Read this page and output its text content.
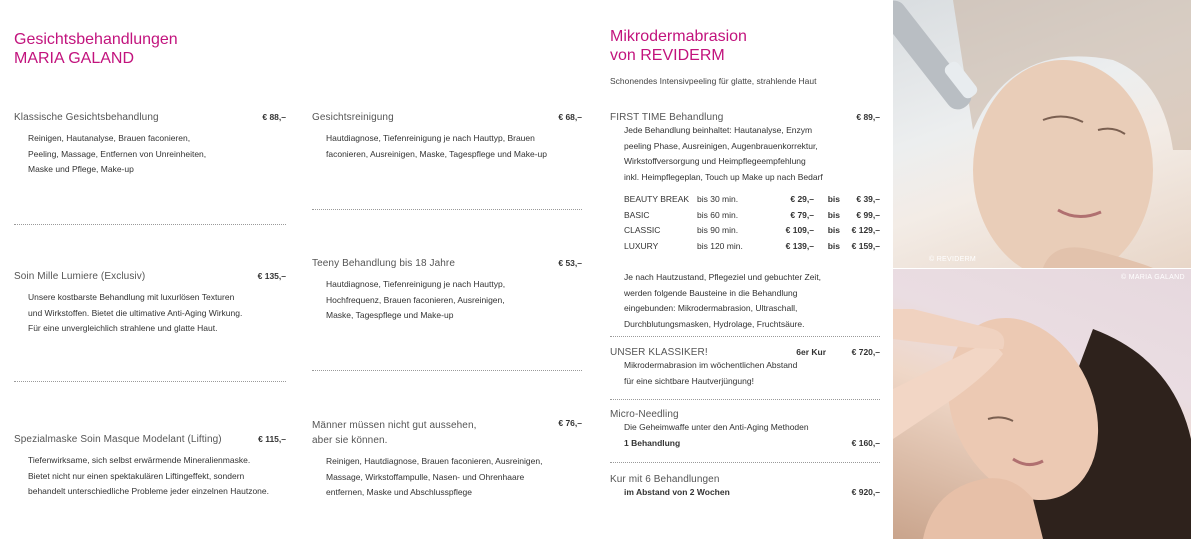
Gesichtsbehandlungen
MARIA GALAND
Klassische Gesichtsbehandlung	€ 88,–
Reinigen, Hautanalyse, Brauen faconieren,
Peeling, Massage, Entfernen von Unreinheiten,
Maske und Pflege, Make-up
Soin Mille Lumiere (Exclusiv)	€ 135,–
Unsere kostbarste Behandlung mit luxurlösen Texturen
und Wirkstoffen. Bietet die ultimative Anti-Aging Wirkung.
Für eine unvergleichlich strahlene und glatte Haut.
Spezialmaske Soin Masque Modelant (Lifting)	€ 115,–
Tiefenwirksame, sich selbst erwärmende Mineralienmaske.
Bietet nicht nur einen spektakulären Liftingeffekt, sondern
behandelt unterschiedliche Probleme jeder einzelnen Hautzone.
Gesichtsreinigung	€ 68,–
Hautdiagnose, Tiefenreinigung je nach Hauttyp, Brauen
faconieren, Ausreinigen, Maske, Tagespflege und Make-up
Teeny Behandlung bis 18 Jahre	€ 53,–
Hautdiagnose, Tiefenreinigung je nach Hauttyp,
Hochfrequenz, Brauen faconieren, Ausreinigen,
Maske, Tagespflege und Make-up
Männer müssen nicht gut aussehen,
aber sie können.
€ 76,–
Reinigen, Hautdiagnose, Brauen faconieren, Ausreinigen,
Massage, Wirkstoffampulle, Nasen- und Ohrenhaare
entfernen, Maske und Abschlusspflege
Mikrodermabrasion
von REVIDERM
Schonendes Intensivpeeling für glatte, strahlende Haut
FIRST TIME Behandlung	€ 89,–
Jede Behandlung beinhaltet: Hautanalyse, Enzym
peeling Phase, Ausreinigen, Augenbrauenkorrektur,
Wirkstoffversorgung und Heimpflegeempfehlung
inkl. Heimpflegeplan, Touch up Make up nach Bedarf
BEAUTY BREAK bis 30 min.	€ 29,– bis € 39,–
BASIC	bis 60 min.	€ 79,– bis € 99,–
CLASSIC	bis 90 min.	€ 109,– bis € 129,–
LUXURY	bis 120 min.	€ 139,– bis € 159,–
Je nach Hautzustand, Pflegeziel und gebuchter Zeit,
werden folgende Bausteine in die Behandlung
eingebunden: Mikrodermabrasion, Ultraschall,
Durchblutungsmasken, Hydrolage, Fruchtsäure.
UNSER KLASSIKER!	6er Kur	€ 720,–
Mikrodermabrasion im wöchentlichen Abstand
für eine sichtbare Hautverjüngung!
Micro-Needling
Die Geheimwaffe unter den Anti-Aging Methoden
1 Behandlung	€ 160,–
Kur mit 6 Behandlungen
im Abstand von 2 Wochen	€ 920,–
© REVIDERM
© MARIA GALAND
